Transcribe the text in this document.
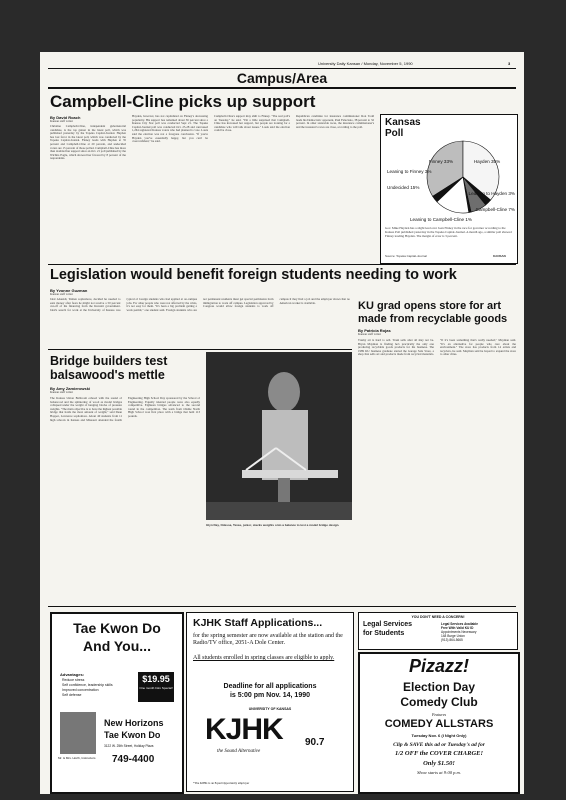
University Daily Kansan / Monday, November 5, 1990	3
Campus/Area
Campbell-Cline picks up support
By David Roach
Kansan staff writer
Christine Campbell-Cline, independent gubernatorial candidate, is the top gainer in the latest poll, which was published yesterday by the Topeka Capital-Journal. Hayden has lost favor in the latest poll, which was conducted by the Topeka Capital-Journal. Finney leads with Hayden at 35 percent and Campbell-Cline at 20 percent, and undecided voters are 15 percent of those polled. Campbell-Cline has more than doubled her support since an Oct. 21 poll published by the Wichita Eagle, which showed her favored by 8 percent of the respondents.
Hayden, however, has not capitalized on Finney's decreasing popularity. His support has remained about 36 percent since a Kansas City Star poll was conducted Sept 21. The Topeka Capital-Journal poll was conducted Oct. 25-28 and canvassed 1,264 registered Kansas voters who had planned to vote. Louis said the election was not a foregone conclusion. "If you're Hayden you've essentially happy, but you can't be overconfident," he said.
Campbell-Cline's support may shift to Finney. "The real poll's on Tuesday," he said. "I'm a little surprised that Campbell-Cline has increased her support, but people are looking for a candidate who will talk about issues." Louis said the election could be close.
Republican candidate for insurance commissioner Ron Todd leads his Democratic opponent, Paul Feleciano, 38 percent to 32 percent. In other statewide races, the insurance commissioner's and the treasurer's races are close, according to the poll.	Kansas Poll
Finney 33%	Hayden 35%
Leaning to Finney 3%
Undecided 15%
Leaning to Hayden 3%
Campbell-Cline 7%
Leaning to Campbell-Cline 1%
Gov. Mike Hayden has a slight lead over Joan Finney in the race for governor according to the Kansas Poll published yesterday in the Topeka Capital-Journal. A month ago, a similar poll showed Finney leading Hayden. The margin of error is 3 percent.
Source: Topeka Capital-Journal	KANSAN
Legislation would benefit foreign students needing to work
By Yvonne Guzman
Kansan staff writer
Jalal Alsasidi, Yemen sophomore, decided he needed to earn money after fears he might not receive a 50 percent cut-off of his financing from the Kuwaiti government. Jalal's search for work at the University of Kansas was typical of foreign students who had applied at on-campus jobs. For other people who were not affected by the crisis, it's not easy for them. "It's been a big problem getting a work permit," one student said. Foreign students who are not permanent residents must get special permission from immigration to work off campus. Legislation approved by Congress would allow foreign students to work off campus if they find a job and the employer shows that no American worker is available.	KU grad opens store for art made from recyclable goods
By Patricia Rojas
Kansan staff writer
Trashy art is hard to sell. Trash sells after all may not be. Bryan Mayman is finding he's practically the only one producing recyclable goods products for his business. The 1989 KU business graduate started the Garage Sale Store, a shop that sells art and products made from recycled materials. "If it's been something that's really needed," Mayman said. "It's an alternative for people who care about the environment." The store has products from 14 artists and recyclers, he said. Mayman said he hoped to expand the store to other cities.
Bridge builders test balsawood's mettle
By Amy Zamierowski
Kansan staff writer
The Kansas Union Ballroom echoed with the sound of balsawood and the splintering of wood as model bridges collapsed under the weight of hanging blocks of pressure weights. "The main objective is to have the highest possible bridge that holds the most amount of weight," said Dean Hopper, Lawrence sophomore. About 40 students from 11 high schools in Kansas and Missouri attended the fourth Engineering High School Day sponsored by the School of Engineering. Equally talented people were also equally competitive. Eighteen bridges advanced to the second round in the competition. The team from Olathe North High School won first place with a bridge that held 113 pounds.
Glyn Day, Odessa, Texas, junior, stacks weights onto a balance to test a model bridge design.
Tae Kwon Do
And You...
Advantages:
Reduce stress
Self confidence, leadership skills
Improved concentration
Self defense
$19.95
One month Intro Special!
Mr. & Mrs. Horth, Instructors
New Horizons
Tae Kwon Do
3122 W. 25th Street, Holiday Plaza
749-4400
KJHK Staff Applications...
for the spring semester are now available at the station and the Radio/TV office, 2051-A Dole Center.
All students enrolled in spring classes are eligible to apply.
Deadline for all applications
is 5:00 pm Nov. 14, 1990
UNIVERSITY OF KANSAS
KJHK 90.7
the Sound Alternative
*The KJHK is an Equal Opportunity employer
YOU DON'T NEED A CONCERN!
Legal Services
for Students
Legal Services Available
Free With Valid KU ID
Appointments Necessary
148 Burge Union
(913) 864-5665
Pizazz!
Election Day
Comedy Club
Features
COMEDY ALLSTARS
Tuesday Nov. 6 (I Night Only)
Clip & SAVE this ad or Tuesday's ad for
1/2 OFF the COVER CHARGE!
Only $1.50!
Show starts at 9:00 p.m.
